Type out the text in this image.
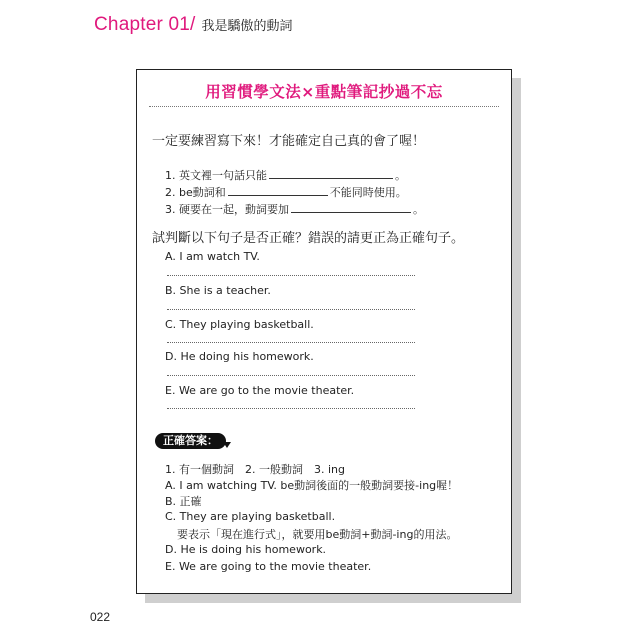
Chapter 01/ 我是驕傲的動詞
用習慣學文法×重點筆記抄過不忘
一定要練習寫下來！才能確定自己真的會了喔！
1. 英文裡一句話只能	。
2. be動詞和	不能同時使用。
3. 硬要在一起，動詞要加	。
試判斷以下句子是否正確？錯誤的請更正為正確句子。
A. I am watch TV.
B. She is a teacher.
C. They playing basketball.
D. He doing his homework.
E. We are go to the movie theater.
正確答案：
1. 有一個動詞　2. 一般動詞　3. ing
A. I am watching TV. be動詞後面的一般動詞要接-ing喔！
B. 正確
C. They are playing basketball.
要表示「現在進行式」，就要用be動詞+動詞-ing的用法。
D. He is doing his homework.
E. We are going to the movie theater.
022
